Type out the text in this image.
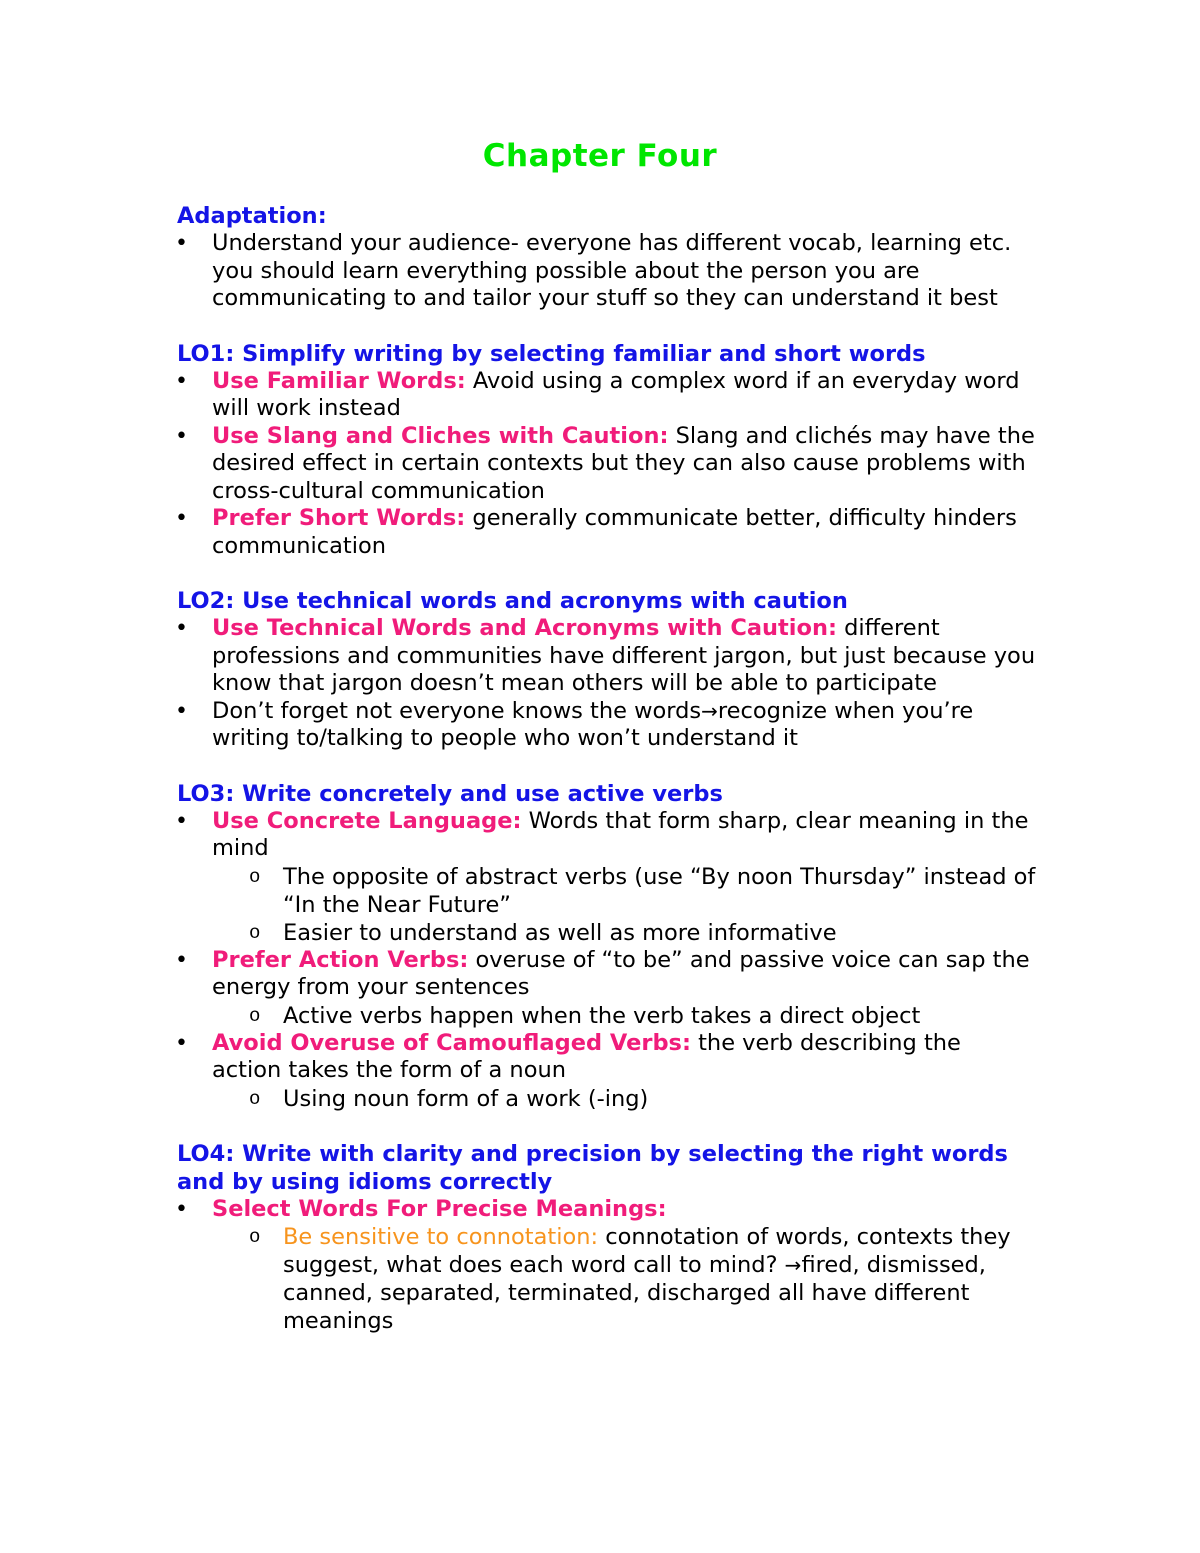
Chapter Four
Adaptation:
• Understand your audience- everyone has different vocab, learning etc. you should learn everything possible about the person you are communicating to and tailor your stuff so they can understand it best
LO1: Simplify writing by selecting familiar and short words
• Use Familiar Words: Avoid using a complex word if an everyday word will work instead
• Use Slang and Cliches with Caution: Slang and clichés may have the desired effect in certain contexts but they can also cause problems with cross-cultural communication
• Prefer Short Words: generally communicate better, difficulty hinders communication
LO2: Use technical words and acronyms with caution
• Use Technical Words and Acronyms with Caution: different professions and communities have different jargon, but just because you know that jargon doesn’t mean others will be able to participate
• Don’t forget not everyone knows the words→recognize when you’re writing to/talking to people who won’t understand it
LO3: Write concretely and use active verbs
• Use Concrete Language: Words that form sharp, clear meaning in the mind
o The opposite of abstract verbs (use “By noon Thursday” instead of “In the Near Future”
o Easier to understand as well as more informative
• Prefer Action Verbs: overuse of “to be” and passive voice can sap the energy from your sentences
o Active verbs happen when the verb takes a direct object
• Avoid Overuse of Camouflaged Verbs: the verb describing the action takes the form of a noun
o Using noun form of a work (-ing)
LO4: Write with clarity and precision by selecting the right words and by using idioms correctly
• Select Words For Precise Meanings:
o Be sensitive to connotation: connotation of words, contexts they suggest, what does each word call to mind? →fired, dismissed, canned, separated, terminated, discharged all have different meanings
